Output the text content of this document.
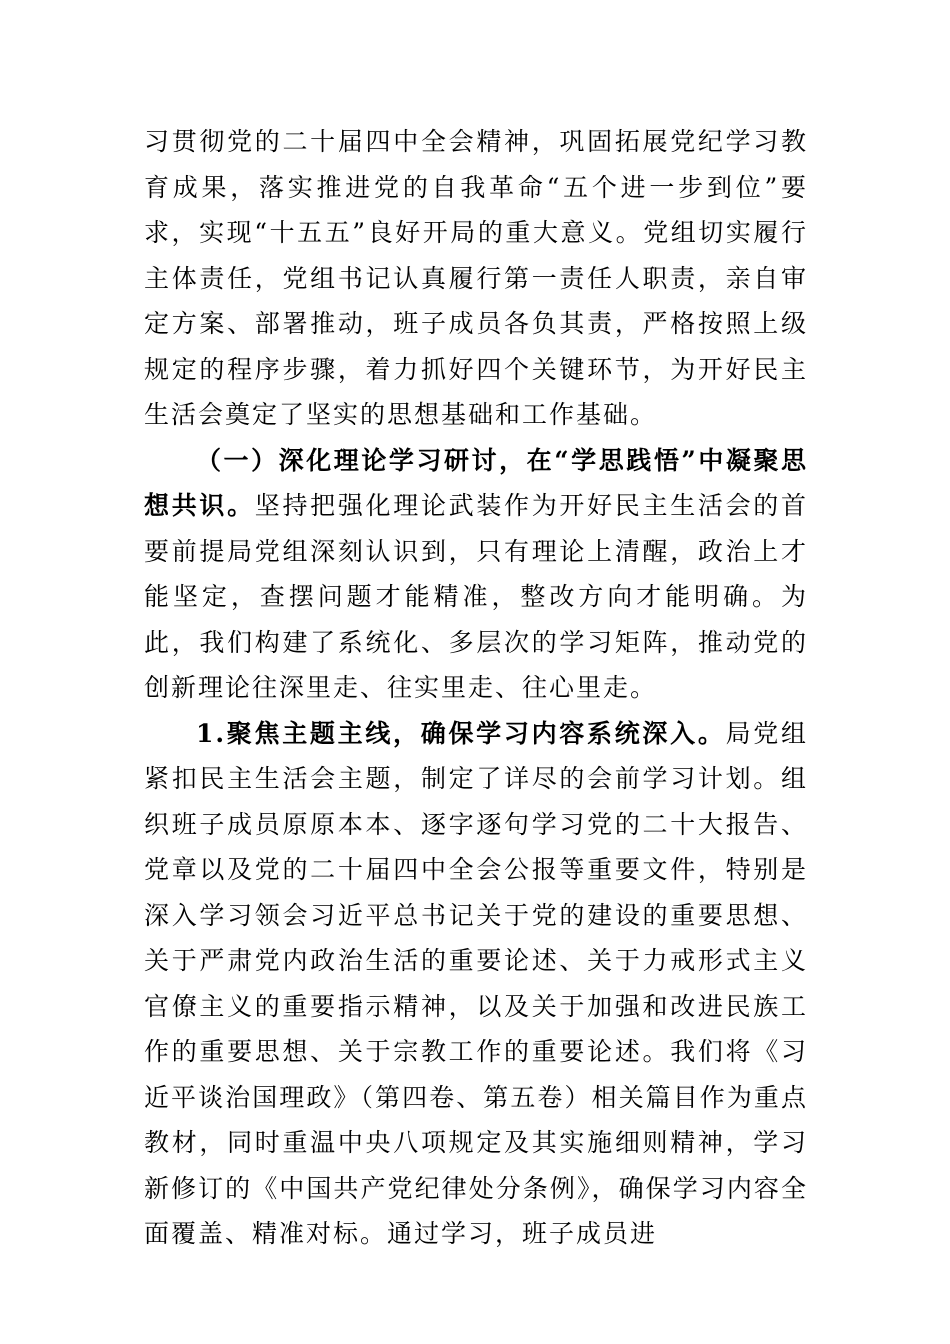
习贯彻党的二十届四中全会精神，巩固拓展党纪学习教育成果，落实推进党的自我革命“五个进一步到位”要求，实现“十五五”良好开局的重大意义。党组切实履行主体责任，党组书记认真履行第一责任人职责，亲自审定方案、部署推动，班子成员各负其责，严格按照上级规定的程序步骤，着力抓好四个关键环节，为开好民主生活会奠定了坚实的思想基础和工作基础。

（一）深化理论学习研讨，在“学思践悟”中凝聚思想共识。坚持把强化理论武装作为开好民主生活会的首要前提局党组深刻认识到，只有理论上清醒，政治上才能坚定，查摆问题才能精准，整改方向才能明确。为此，我们构建了系统化、多层次的学习矩阵，推动党的创新理论往深里走、往实里走、往心里走。

1.聚焦主题主线，确保学习内容系统深入。局党组紧扣民主生活会主题，制定了详尽的会前学习计划。组织班子成员原原本本、逐字逐句学习党的二十大报告、党章以及党的二十届四中全会公报等重要文件，特别是深入学习领会习近平总书记关于党的建设的重要思想、关于严肃党内政治生活的重要论述、关于力戒形式主义官僚主义的重要指示精神，以及关于加强和改进民族工作的重要思想、关于宗教工作的重要论述。我们将《习近平谈治国理政》（第四卷、第五卷）相关篇目作为重点教材，同时重温中央八项规定及其实施细则精神，学习新修订的《中国共产党纪律处分条例》，确保学习内容全面覆盖、精准对标。通过学习，班子成员进
